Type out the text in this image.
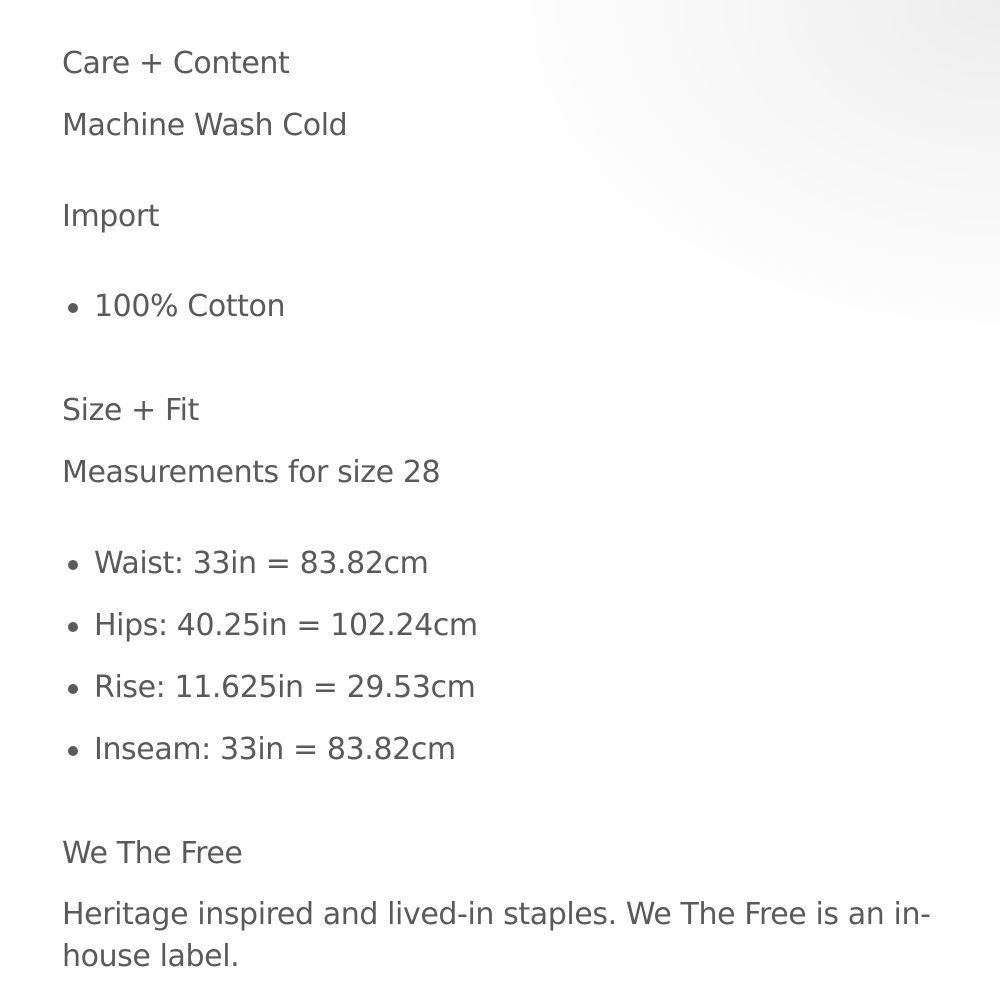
Care + Content
Machine Wash Cold
Import
100% Cotton
Size + Fit
Measurements for size 28
Waist: 33in = 83.82cm
Hips: 40.25in = 102.24cm
Rise: 11.625in = 29.53cm
Inseam: 33in = 83.82cm
We The Free
Heritage inspired and lived-in staples. We The Free is an in-house label.
